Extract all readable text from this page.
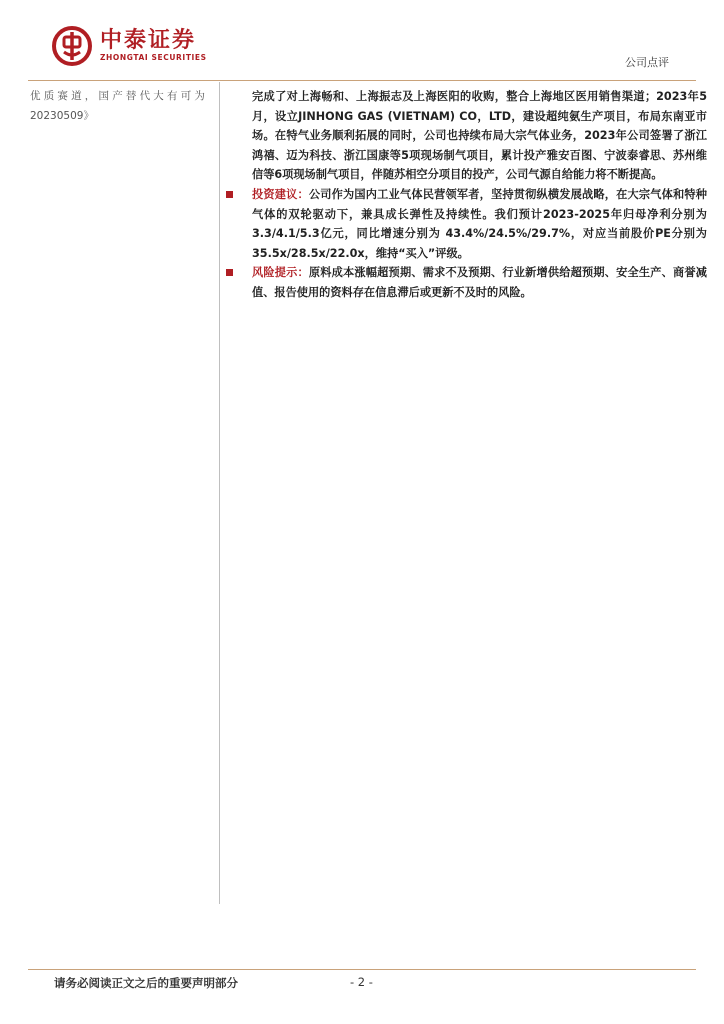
中泰证券
ZHONGTAI SECURITIES	公司点评
优质赛道，国产替代大有可为
20230509》

完成了对上海畅和、上海振志及上海医阳的收购，整合上海地区医用销售渠道；2023年5月，设立JINHONG GAS (VIETNAM) CO，LTD，建设超纯氨生产项目，布局东南亚市场。在特气业务顺利拓展的同时，公司也持续布局大宗气体业务，2023年公司签署了浙江鸿禧、迈为科技、浙江国康等5项现场制气项目，累计投产雅安百图、宁波泰睿思、苏州维信等6项现场制气项目，伴随苏相空分项目的投产，公司气源自给能力将不断提高。

投资建议：公司作为国内工业气体民营领军者，坚持贯彻纵横发展战略，在大宗气体和特种气体的双轮驱动下，兼具成长弹性及持续性。我们预计2023-2025年归母净利分别为3.3/4.1/5.3亿元，同比增速分别为 43.4%/24.5%/29.7%，对应当前股价PE分别为 35.5x/28.5x/22.0x，维持“买入”评级。

风险提示：原料成本涨幅超预期、需求不及预期、行业新增供给超预期、安全生产、商誉减值、报告使用的资料存在信息滞后或更新不及时的风险。

请务必阅读正文之后的重要声明部分	- 2 -
